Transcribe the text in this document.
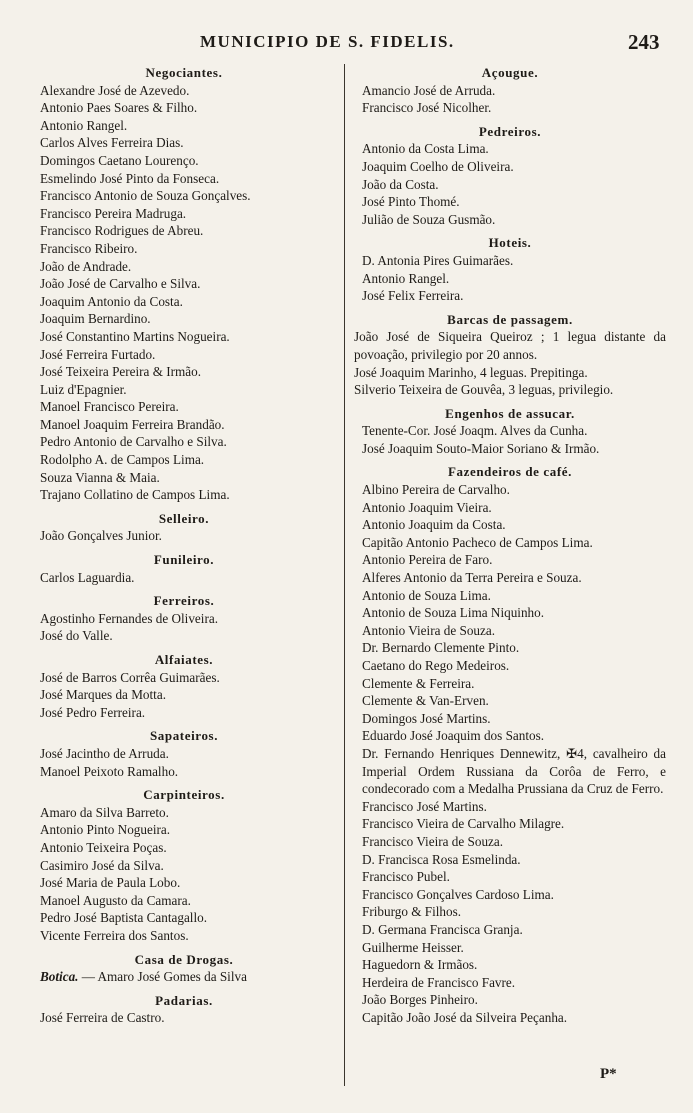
MUNICIPIO DE S. FIDELIS.	243
Negociantes.
Alexandre José de Azevedo.
Antonio Paes Soares & Filho.
Antonio Rangel.
Carlos Alves Ferreira Dias.
Domingos Caetano Lourenço.
Esmelindo José Pinto da Fonseca.
Francisco Antonio de Souza Gonçalves.
Francisco Pereira Madruga.
Francisco Rodrigues de Abreu.
Francisco Ribeiro.
João de Andrade.
João José de Carvalho e Silva.
Joaquim Antonio da Costa.
Joaquim Bernardino.
José Constantino Martins Nogueira.
José Ferreira Furtado.
José Teixeira Pereira & Irmão.
Luiz d'Epagnier.
Manoel Francisco Pereira.
Manoel Joaquim Ferreira Brandão.
Pedro Antonio de Carvalho e Silva.
Rodolpho A. de Campos Lima.
Souza Vianna & Maia.
Trajano Collatino de Campos Lima.
Selleiro.
João Gonçalves Junior.
Funileiro.
Carlos Laguardia.
Ferreiros.
Agostinho Fernandes de Oliveira.
José do Valle.
Alfaiates.
José de Barros Corrêa Guimarães.
José Marques da Motta.
José Pedro Ferreira.
Sapateiros.
José Jacintho de Arruda.
Manoel Peixoto Ramalho.
Carpinteiros.
Amaro da Silva Barreto.
Antonio Pinto Nogueira.
Antonio Teixeira Poças.
Casimiro José da Silva.
José Maria de Paula Lobo.
Manoel Augusto da Camara.
Pedro José Baptista Cantagallo.
Vicente Ferreira dos Santos.
Casa de Drogas.
Botica. — Amaro José Gomes da Silva
Padarias.
José Ferreira de Castro.
Açougue.
Amancio José de Arruda.
Francisco José Nicolher.
Pedreiros.
Antonio da Costa Lima.
Joaquim Coelho de Oliveira.
João da Costa.
José Pinto Thomé.
Julião de Souza Gusmão.
Hoteis.
D. Antonia Pires Guimarães.
Antonio Rangel.
José Felix Ferreira.
Barcas de passagem.
João José de Siqueira Queiroz ; 1 legua distante da povoação, privilegio por 20 annos.
José Joaquim Marinho, 4 leguas. Prepitinga.
Silverio Teixeira de Gouvêa, 3 leguas, privilegio.
Engenhos de assucar.
Tenente-Cor. José Joaqm. Alves da Cunha.
José Joaquim Souto-Maior Soriano & Irmão.
Fazendeiros de café.
Albino Pereira de Carvalho.
Antonio Joaquim Vieira.
Antonio Joaquim da Costa.
Capitão Antonio Pacheco de Campos Lima.
Antonio Pereira de Faro.
Alferes Antonio da Terra Pereira e Souza.
Antonio de Souza Lima.
Antonio de Souza Lima Niquinho.
Antonio Vieira de Souza.
Dr. Bernardo Clemente Pinto.
Caetano do Rego Medeiros.
Clemente & Ferreira.
Clemente & Van-Erven.
Domingos José Martins.
Eduardo José Joaquim dos Santos.
Dr. Fernando Henriques Dennewitz, ✠4, cavalheiro da Imperial Ordem Russiana da Corôa de Ferro, e condecorado com a Medalha Prussiana da Cruz de Ferro.
Francisco José Martins.
Francisco Vieira de Carvalho Milagre.
Francisco Vieira de Souza.
D. Francisca Rosa Esmelinda.
Francisco Pubel.
Francisco Gonçalves Cardoso Lima.
Friburgo & Filhos.
D. Germana Francisca Granja.
Guilherme Heisser.
Haguedorn & Irmãos.
Herdeira de Francisco Favre.
João Borges Pinheiro.
Capitão João José da Silveira Peçanha.
P*
